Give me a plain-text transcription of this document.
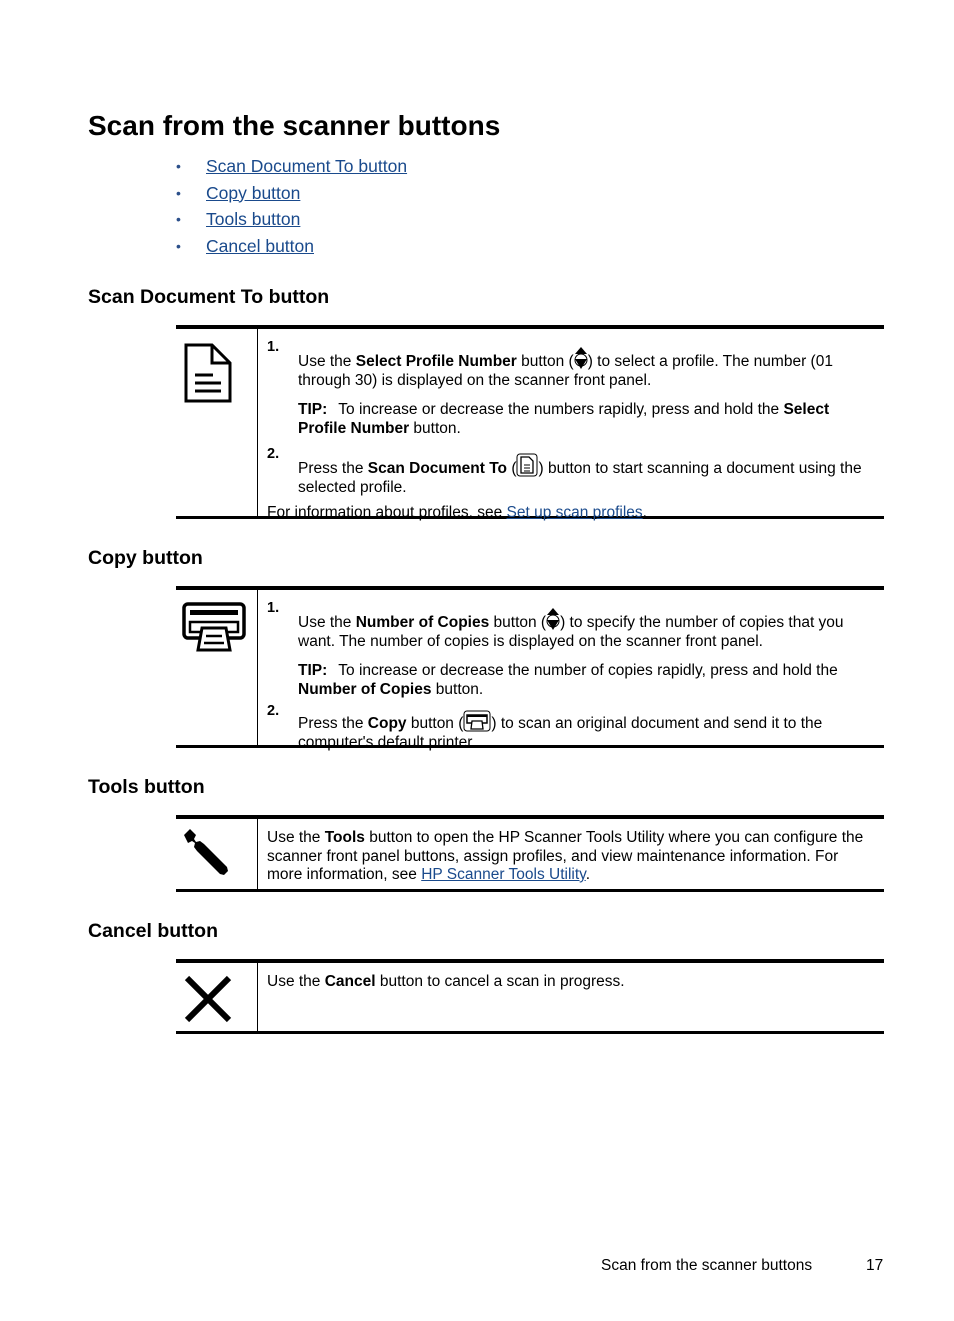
Scan from the scanner buttons
• Scan Document To button
• Copy button
• Tools button
• Cancel button
Scan Document To button
1.
Use the Select Profile Number button ( ) to select a profile. The number (01 through 30) is displayed on the scanner front panel.
TIP: To increase or decrease the numbers rapidly, press and hold the Select Profile Number button.
2.
Press the Scan Document To ( ) button to start scanning a document using the selected profile.
For information about profiles, see Set up scan profiles.
Copy button
1.
Use the Number of Copies button ( ) to specify the number of copies that you want. The number of copies is displayed on the scanner front panel.
TIP: To increase or decrease the number of copies rapidly, press and hold the Number of Copies button.
2.
Press the Copy button ( ) to scan an original document and send it to the computer's default printer.
Tools button
Use the Tools button to open the HP Scanner Tools Utility where you can configure the scanner front panel buttons, assign profiles, and view maintenance information. For more information, see HP Scanner Tools Utility.
Cancel button
Use the Cancel button to cancel a scan in progress.
Scan from the scanner buttons	17
